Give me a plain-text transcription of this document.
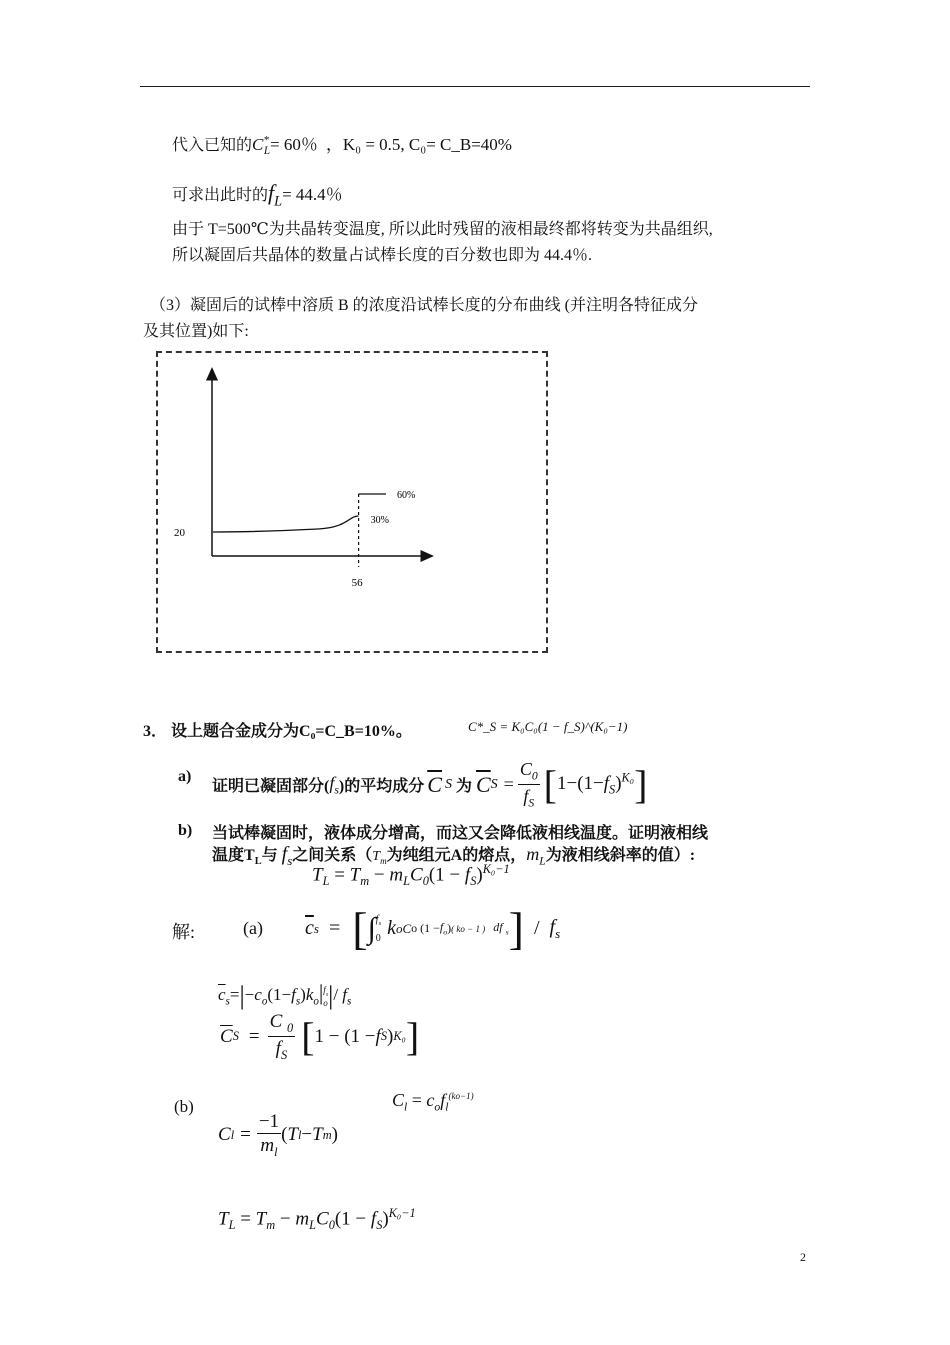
代入已知的$C^*_L= 60$％ ，K₀ = 0.5, C₀= C_B=40%
可求出此时的$f_L= 44.4$％
由于 T=500℃为共晶转变温度, 所以此时残留的液相最终都将转变为共晶组织,
所以凝固后共晶体的数量占试棒长度的百分数也即为 44.4％.
（3）凝固后的试棒中溶质 B 的浓度沿试棒长度的分布曲线 (并注明各特征成分
及其位置)如下:
20
56
60%
30%
3． 设上题合金成分为C₀=C_B=10%。	C*_S = K₀C₀(1 − f_S)^(K₀−1)
a)
证明已凝固部分( $f_s$ )的平均成分 $\overline{C}$ S 为 $\overline{C}$ $S = \frac{C_0}{f_S} [1-(1-f_S)^{K_0}]$
b) 当试棒凝固时，液体成分增高，而这又会降低液相线温度。证明液相线
温度$T_L$与 $f_s$之间关系（$T_m$为纯组元A的熔点，$m_L$为液相线斜率的值）:
$T_L = T_m - m_LC_0(1 - f_S)^{K_0-1}$
解:	(a) $\overline{c}$ s = [ ∫ $f_s$
0 k oC o ($1 - f_o$ ) ( ko − 1 ) df $_s$ ] / $f_s$
$\overline{c}_s=|-c_o(1-f_s)k_o|$ $f_s$
o |/ $f_s$
$\overline{C}$ $S = \frac{C _0}{f_S}$ [ 1 − (1 − f S ) K₀ ]
(b)	$C_l = c_of_l^{(ko-1)}$
C $l = \frac{-1}{m_l}$ ( T l − T m )
$T_L = T_m - m_LC_0(1 - f_S)^{K_0-1}$
2
